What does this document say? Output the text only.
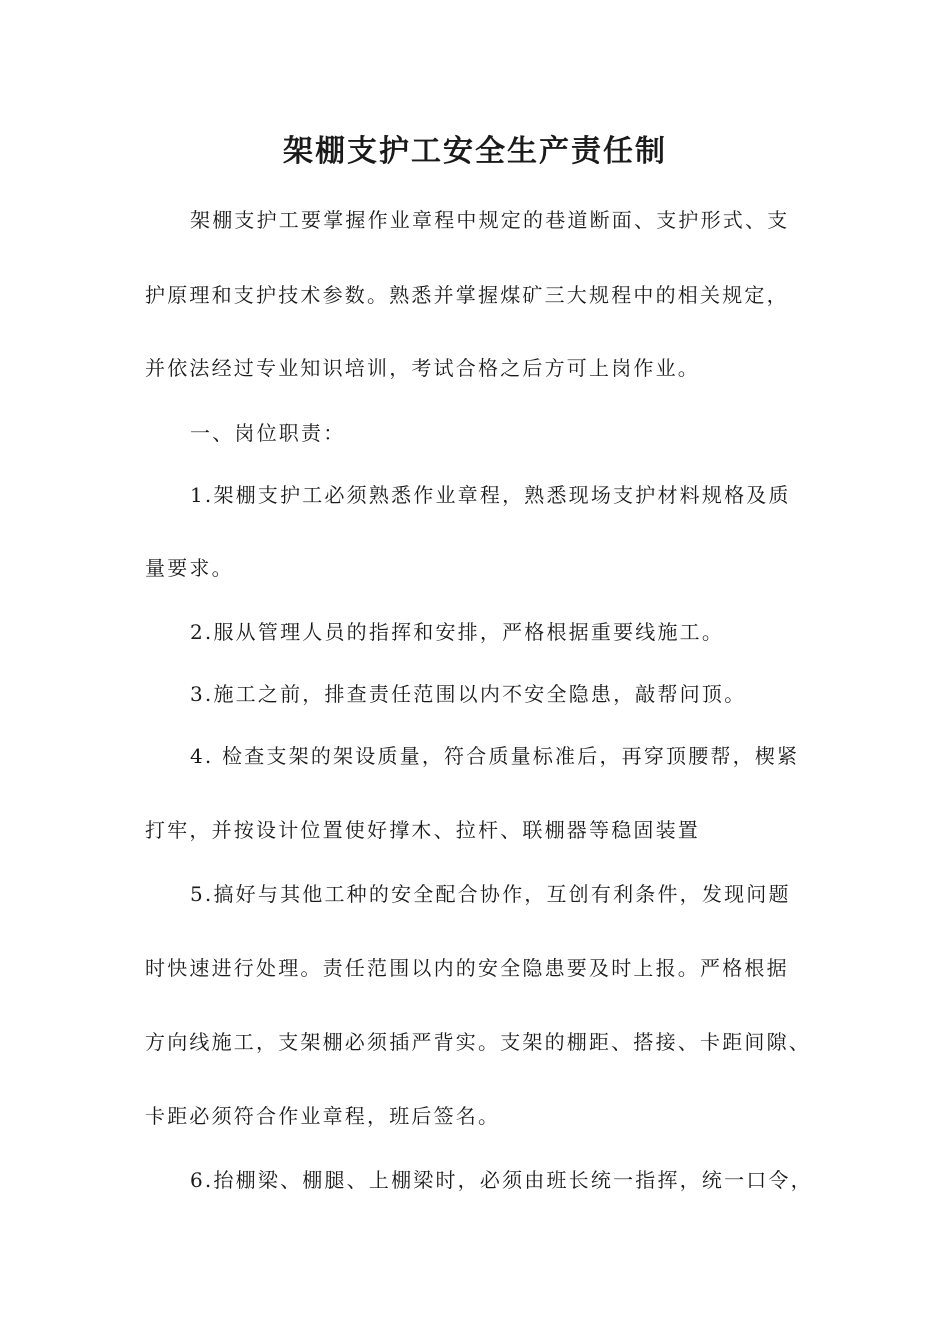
架棚支护工安全生产责任制
架棚支护工要掌握作业章程中规定的巷道断面、支护形式、支
护原理和支护技术参数。熟悉并掌握煤矿三大规程中的相关规定，
并依法经过专业知识培训，考试合格之后方可上岗作业。
一、岗位职责：
1.架棚支护工必须熟悉作业章程，熟悉现场支护材料规格及质
量要求。
2.服从管理人员的指挥和安排，严格根据重要线施工。
3.施工之前，排查责任范围以内不安全隐患，敲帮问顶。
4. 检查支架的架设质量，符合质量标准后，再穿顶腰帮，楔紧
打牢，并按设计位置使好撑木、拉杆、联棚器等稳固装置
5.搞好与其他工种的安全配合协作，互创有利条件，发现问题
时快速进行处理。责任范围以内的安全隐患要及时上报。严格根据
方向线施工，支架棚必须插严背实。支架的棚距、搭接、卡距间隙、
卡距必须符合作业章程，班后签名。
6.抬棚梁、棚腿、上棚梁时，必须由班长统一指挥，统一口令，
